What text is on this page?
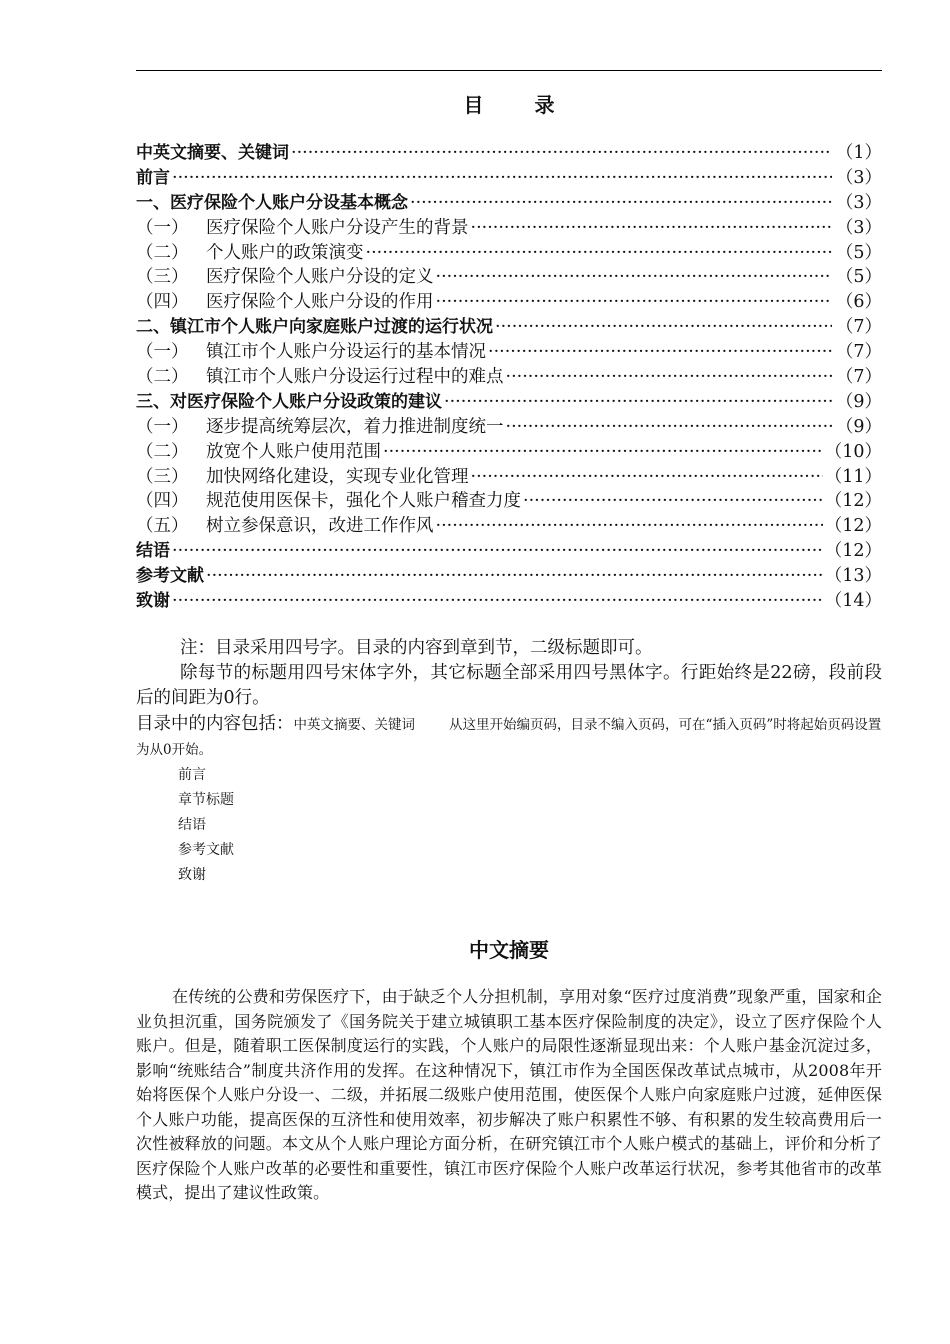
目 录
中英文摘要、关键词 ·····	（1）
前言 ·····	（3）
一、医疗保险个人账户分设基本概念 ·····	（3）
（一） 医疗保险个人账户分设产生的背景 ·····	（3）
（二） 个人账户的政策演变 ·····	（5）
（三） 医疗保险个人账户分设的定义 ·····	（5）
（四） 医疗保险个人账户分设的作用 ·····	（6）
二、镇江市个人账户向家庭账户过渡的运行状况 ·····	（7）
（一） 镇江市个人账户分设运行的基本情况 ·····	（7）
（二） 镇江市个人账户分设运行过程中的难点 ·····	（7）
三、对医疗保险个人账户分设政策的建议 ·····	（9）
（一） 逐步提高统筹层次，着力推进制度统一 ·····	（9）
（二） 放宽个人账户使用范围 ·····	（10）
（三） 加快网络化建设，实现专业化管理 ·····	（11）
（四） 规范使用医保卡，强化个人账户稽查力度 ·····	（12）
（五） 树立参保意识，改进工作作风 ·····	（12）
结语 ·····	（12）
参考文献 ·····	（13）
致谢 ·····	（14）
注：目录采用四号字。目录的内容到章到节，二级标题即可。
除每节的标题用四号宋体字外，其它标题全部采用四号黑体字。行距始终是22磅，段前段后的间距为0行。
目录中的内容包括：中英文摘要、关键词	从这里开始编页码，目录不编入页码，可在“插入页码”时将起始页码设置为从0开始。
前言
章节标题
结语
参考文献
致谢
中文摘要
在传统的公费和劳保医疗下，由于缺乏个人分担机制，享用对象“医疗过度消费”现象严重，国家和企业负担沉重，国务院颁发了《国务院关于建立城镇职工基本医疗保险制度的决定》，设立了医疗保险个人账户。但是，随着职工医保制度运行的实践，个人账户的局限性逐渐显现出来：个人账户基金沉淀过多，影响“统账结合”制度共济作用的发挥。在这种情况下，镇江市作为全国医保改革试点城市，从2008年开始将医保个人账户分设一、二级，并拓展二级账户使用范围，使医保个人账户向家庭账户过渡，延伸医保个人账户功能，提高医保的互济性和使用效率，初步解决了账户积累性不够、有积累的发生较高费用后一次性被释放的问题。本文从个人账户理论方面分析，在研究镇江市个人账户模式的基础上，评价和分析了医疗保险个人账户改革的必要性和重要性，镇江市医疗保险个人账户改革运行状况，参考其他省市的改革模式，提出了建议性政策。
